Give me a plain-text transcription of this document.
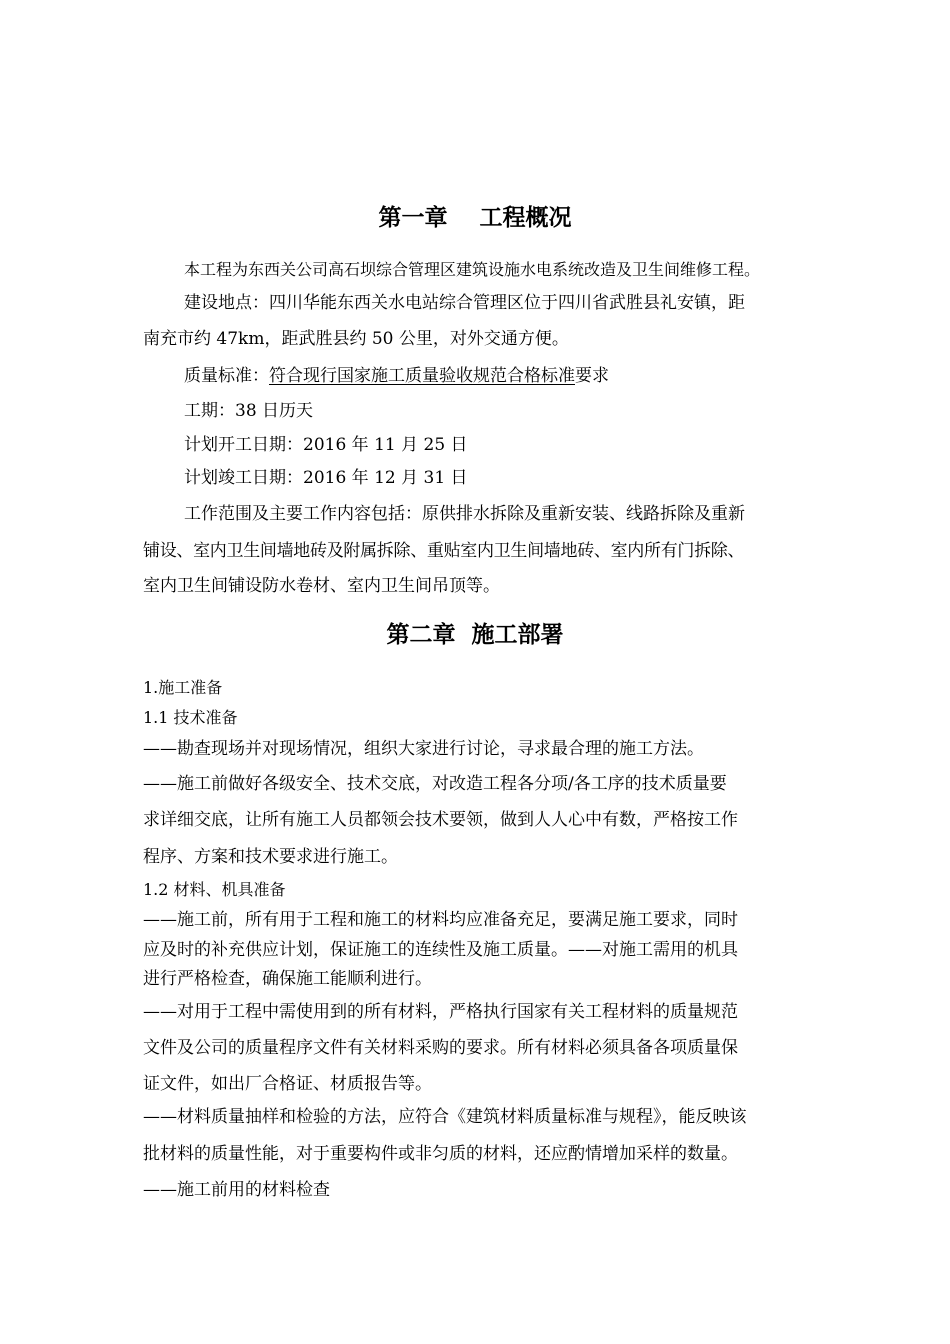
第一章    工程概况
本工程为东西关公司高石坝综合管理区建筑设施水电系统改造及卫生间维修工程。
建设地点：四川华能东西关水电站综合管理区位于四川省武胜县礼安镇，距
南充市约 47km，距武胜县约 50 公里，对外交通方便。
质量标准：符合现行国家施工质量验收规范合格标准要求
工期：38 日历天
计划开工日期：2016 年 11 月 25 日
计划竣工日期：2016 年 12 月 31 日
工作范围及主要工作内容包括：原供排水拆除及重新安装、线路拆除及重新
铺设、室内卫生间墙地砖及附属拆除、重贴室内卫生间墙地砖、室内所有门拆除、
室内卫生间铺设防水卷材、室内卫生间吊顶等。
第二章  施工部署
1.施工准备
1.1 技术准备
——勘查现场并对现场情况，组织大家进行讨论，寻求最合理的施工方法。
——施工前做好各级安全、技术交底，对改造工程各分项/各工序的技术质量要
求详细交底，让所有施工人员都领会技术要领，做到人人心中有数，严格按工作
程序、方案和技术要求进行施工。
1.2 材料、机具准备
——施工前，所有用于工程和施工的材料均应准备充足，要满足施工要求，同时
应及时的补充供应计划，保证施工的连续性及施工质量。——对施工需用的机具
进行严格检查，确保施工能顺利进行。
——对用于工程中需使用到的所有材料，严格执行国家有关工程材料的质量规范
文件及公司的质量程序文件有关材料采购的要求。所有材料必须具备各项质量保
证文件，如出厂合格证、材质报告等。
——材料质量抽样和检验的方法，应符合《建筑材料质量标准与规程》，能反映该
批材料的质量性能，对于重要构件或非匀质的材料，还应酌情增加采样的数量。
——施工前用的材料检查
